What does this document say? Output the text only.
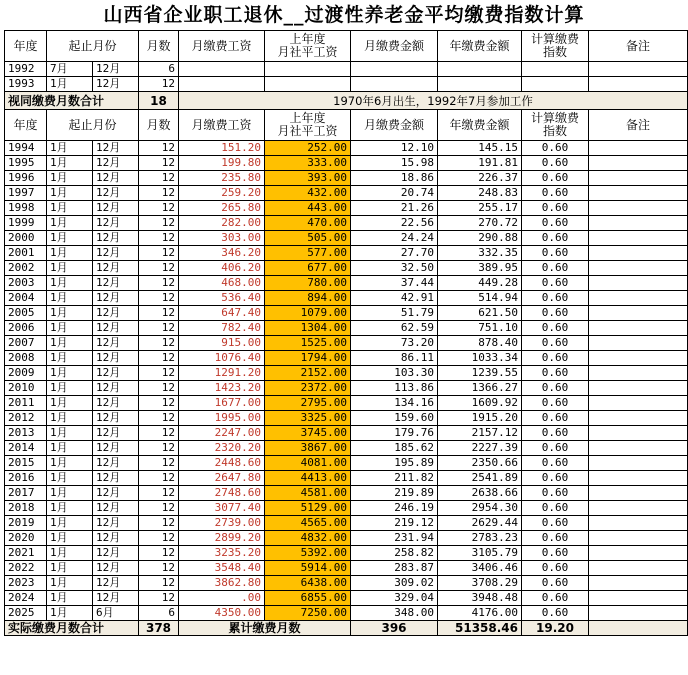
山西省企业职工退休__过渡性养老金平均缴费指数计算
年度	起止月份		月数	月缴费工资	上年度
月社平工资	月缴费金额	年缴费金额	计算缴费
指数	备注
1992	7月	12月	6						
1993	1月	12月	12						
视同缴费月数合计			18	1970年6月出生，1992年7月参加工作					
年度	起止月份		月数	月缴费工资	上年度
月社平工资	月缴费金额	年缴费金额	计算缴费
指数	备注
1994	1月	12月	12	151.20	252.00	12.10	145.15	0.60	
1995	1月	12月	12	199.80	333.00	15.98	191.81	0.60	
1996	1月	12月	12	235.80	393.00	18.86	226.37	0.60	
1997	1月	12月	12	259.20	432.00	20.74	248.83	0.60	
1998	1月	12月	12	265.80	443.00	21.26	255.17	0.60	
1999	1月	12月	12	282.00	470.00	22.56	270.72	0.60	
2000	1月	12月	12	303.00	505.00	24.24	290.88	0.60	
2001	1月	12月	12	346.20	577.00	27.70	332.35	0.60	
2002	1月	12月	12	406.20	677.00	32.50	389.95	0.60	
2003	1月	12月	12	468.00	780.00	37.44	449.28	0.60	
2004	1月	12月	12	536.40	894.00	42.91	514.94	0.60	
2005	1月	12月	12	647.40	1079.00	51.79	621.50	0.60	
2006	1月	12月	12	782.40	1304.00	62.59	751.10	0.60	
2007	1月	12月	12	915.00	1525.00	73.20	878.40	0.60	
2008	1月	12月	12	1076.40	1794.00	86.11	1033.34	0.60	
2009	1月	12月	12	1291.20	2152.00	103.30	1239.55	0.60	
2010	1月	12月	12	1423.20	2372.00	113.86	1366.27	0.60	
2011	1月	12月	12	1677.00	2795.00	134.16	1609.92	0.60	
2012	1月	12月	12	1995.00	3325.00	159.60	1915.20	0.60	
2013	1月	12月	12	2247.00	3745.00	179.76	2157.12	0.60	
2014	1月	12月	12	2320.20	3867.00	185.62	2227.39	0.60	
2015	1月	12月	12	2448.60	4081.00	195.89	2350.66	0.60	
2016	1月	12月	12	2647.80	4413.00	211.82	2541.89	0.60	
2017	1月	12月	12	2748.60	4581.00	219.89	2638.66	0.60	
2018	1月	12月	12	3077.40	5129.00	246.19	2954.30	0.60	
2019	1月	12月	12	2739.00	4565.00	219.12	2629.44	0.60	
2020	1月	12月	12	2899.20	4832.00	231.94	2783.23	0.60	
2021	1月	12月	12	3235.20	5392.00	258.82	3105.79	0.60	
2022	1月	12月	12	3548.40	5914.00	283.87	3406.46	0.60	
2023	1月	12月	12	3862.80	6438.00	309.02	3708.29	0.60	
2024	1月	12月	12	.00	6855.00	329.04	3948.48	0.60	
2025	1月	6月	6	4350.00	7250.00	348.00	4176.00	0.60	
实际缴费月数合计			378	累计缴费月数		396	51358.46	19.20	
